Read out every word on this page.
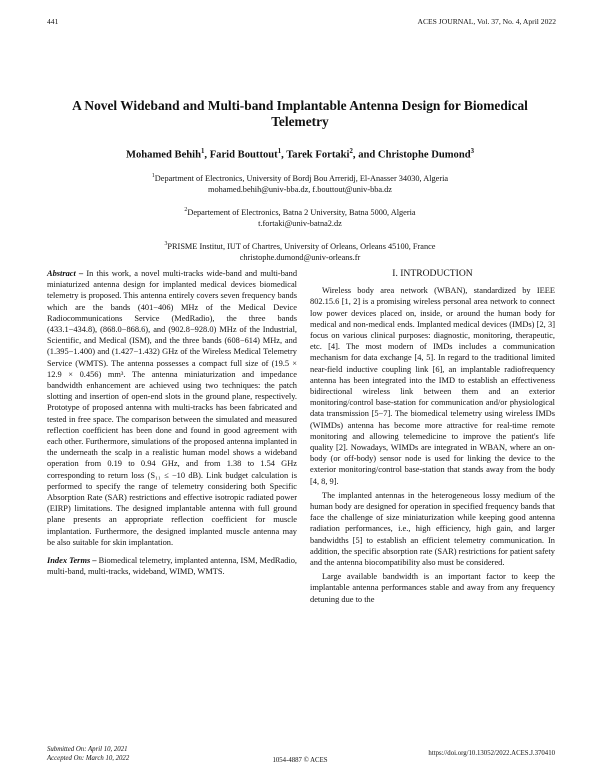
441	ACES JOURNAL, Vol. 37, No. 4, April 2022
A Novel Wideband and Multi-band Implantable Antenna Design for Biomedical Telemetry
Mohamed Behih$^1$, Farid Bouttout$^1$, Tarek Fortaki$^2$, and Christophe Dumond$^3$
$^1$Department of Electronics, University of Bordj Bou Arreridj, El-Anasser 34030, Algeria
mohamed.behih@univ-bba.dz, f.bouttout@univ-bba.dz
$^2$Departement of Electronics, Batna 2 University, Batna 5000, Algeria
t.fortaki@univ-batna2.dz
$^3$PRISME Institut, IUT of Chartres, University of Orleans, Orleans 45100, France
christophe.dumond@univ-orleans.fr

Abstract – In this work, a novel multi-tracks wide-band and multi-band miniaturized antenna design for implanted medical devices biomedical telemetry is proposed. This antenna entirely covers seven frequency bands which are the bands (401−406) MHz of the Medical Device Radiocommunications Service (MedRadio), the three bands (433.1−434.8), (868.0−868.6), and (902.8−928.0) MHz of the Industrial, Scientific, and Medical (ISM), and the three bands (608−614) MHz, and (1.395−1.400) and (1.427−1.432) GHz of the Wireless Medical Telemetry Service (WMTS). The antenna possesses a compact full size of (19.5 × 12.9 × 0.456) mm³. The antenna miniaturization and impedance bandwidth enhancement are achieved using two techniques: the patch slotting and insertion of open-end slots in the ground plane, respectively. Prototype of proposed antenna with multi-tracks has been fabricated and tested in free space. The comparison between the simulated and measured reflection coefficient has been done and found in good agreement with each other. Furthermore, simulations of the proposed antenna implanted in the underneath the scalp in a realistic human model shows a wideband operation from 0.19 to 0.94 GHz, and from 1.38 to 1.54 GHz corresponding to return loss (S₁₁ ≤ −10 dB). Link budget calculation is performed to specify the range of telemetry considering both Specific Absorption Rate (SAR) restrictions and effective isotropic radiated power (EIRP) limitations. The designed implantable antenna with full ground plane presents an appropriate reflection coefficient for muscle implantation. Furthermore, the designed implanted muscle antenna may be also suitable for skin implantation.

Index Terms – Biomedical telemetry, implanted antenna, ISM, MedRadio, multi-band, multi-tracks, wideband, WIMD, WMTS.

I. INTRODUCTION

Wireless body area network (WBAN), standardized by IEEE 802.15.6 [1, 2] is a promising wireless personal area network to connect low power devices placed on, inside, or around the human body for medical and non-medical ends. Implanted medical devices (IMDs) [2, 3] focus on various clinical purposes: diagnostic, monitoring, therapeutic, etc. [4]. The most modern of IMDs includes a communication mechanism for data exchange [4, 5]. In regard to the traditional limited near-field inductive coupling link [6], an implantable radiofrequency antenna has been integrated into the IMD to establish an effectiveness bidirectional wireless link between them and an exterior monitoring/control base-station for communication and/or physiological data transmission [5−7]. The biomedical telemetry using wireless IMDs (WIMDs) antenna has become more attractive for real-time remote monitoring and allowing telemedicine to improve the patient's life quality [2]. Nowadays, WIMDs are integrated in WBAN, where an on-body (or off-body) sensor node is used for linking the device to the exterior monitoring/control base-station that stands away from the body [4, 8, 9].

The implanted antennas in the heterogeneous lossy medium of the human body are designed for operation in specified frequency bands that face the challenge of size miniaturization while keeping good antenna radiation performances, i.e., high efficiency, high gain, and larger bandwidths [5] to establish an efficient telemetry communication. In addition, the specific absorption rate (SAR) restrictions for patient safety and the antenna biocompatibility also must be considered.

Large available bandwidth is an important factor to keep the implantable antenna performances stable and away from any frequency detuning due to the

Submitted On: April 10, 2021
Accepted On: March 10, 2022	1054-4887 © ACES
https://doi.org/10.13052/2022.ACES.J.370410
